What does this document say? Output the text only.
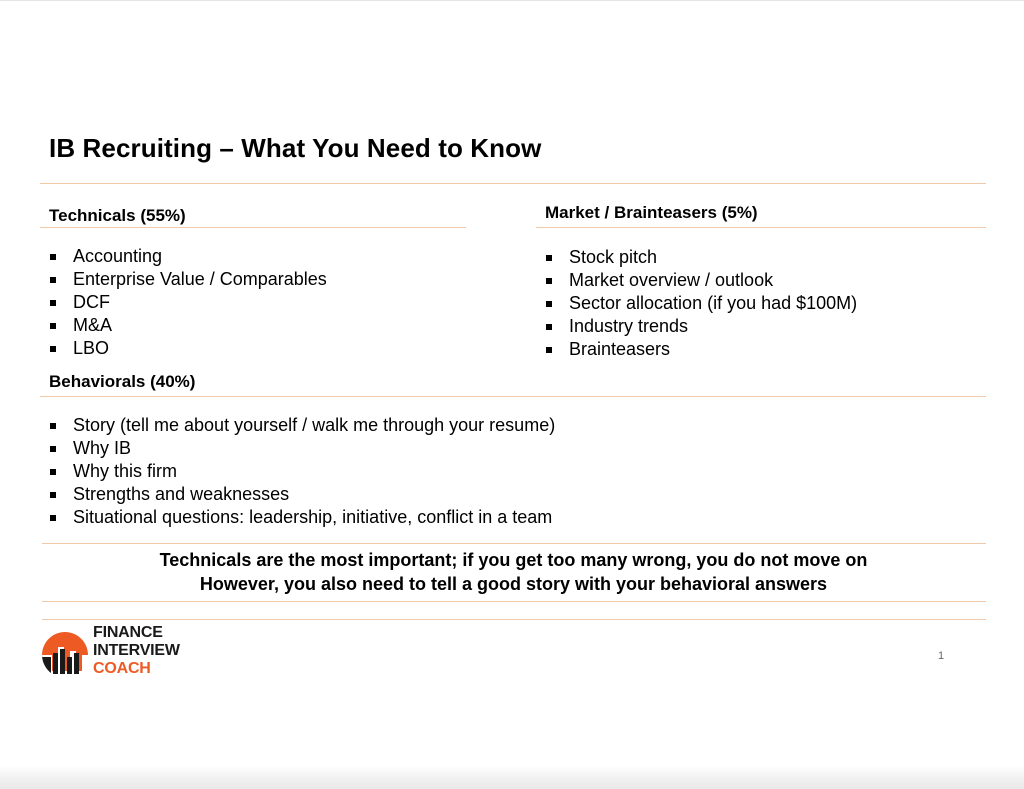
IB Recruiting – What You Need to Know
Technicals (55%)
Accounting
Enterprise Value / Comparables
DCF
M&A
LBO
Market / Brainteasers (5%)
Stock pitch
Market overview / outlook
Sector allocation (if you had $100M)
Industry trends
Brainteasers
Behaviorals (40%)
Story (tell me about yourself / walk me through your resume)
Why IB
Why this firm
Strengths and weaknesses
Situational questions: leadership, initiative, conflict in a team
Technicals are the most important; if you get too many wrong, you do not move on
However, you also need to tell a good story with your behavioral answers
FINANCE
INTERVIEW
COACH
1
